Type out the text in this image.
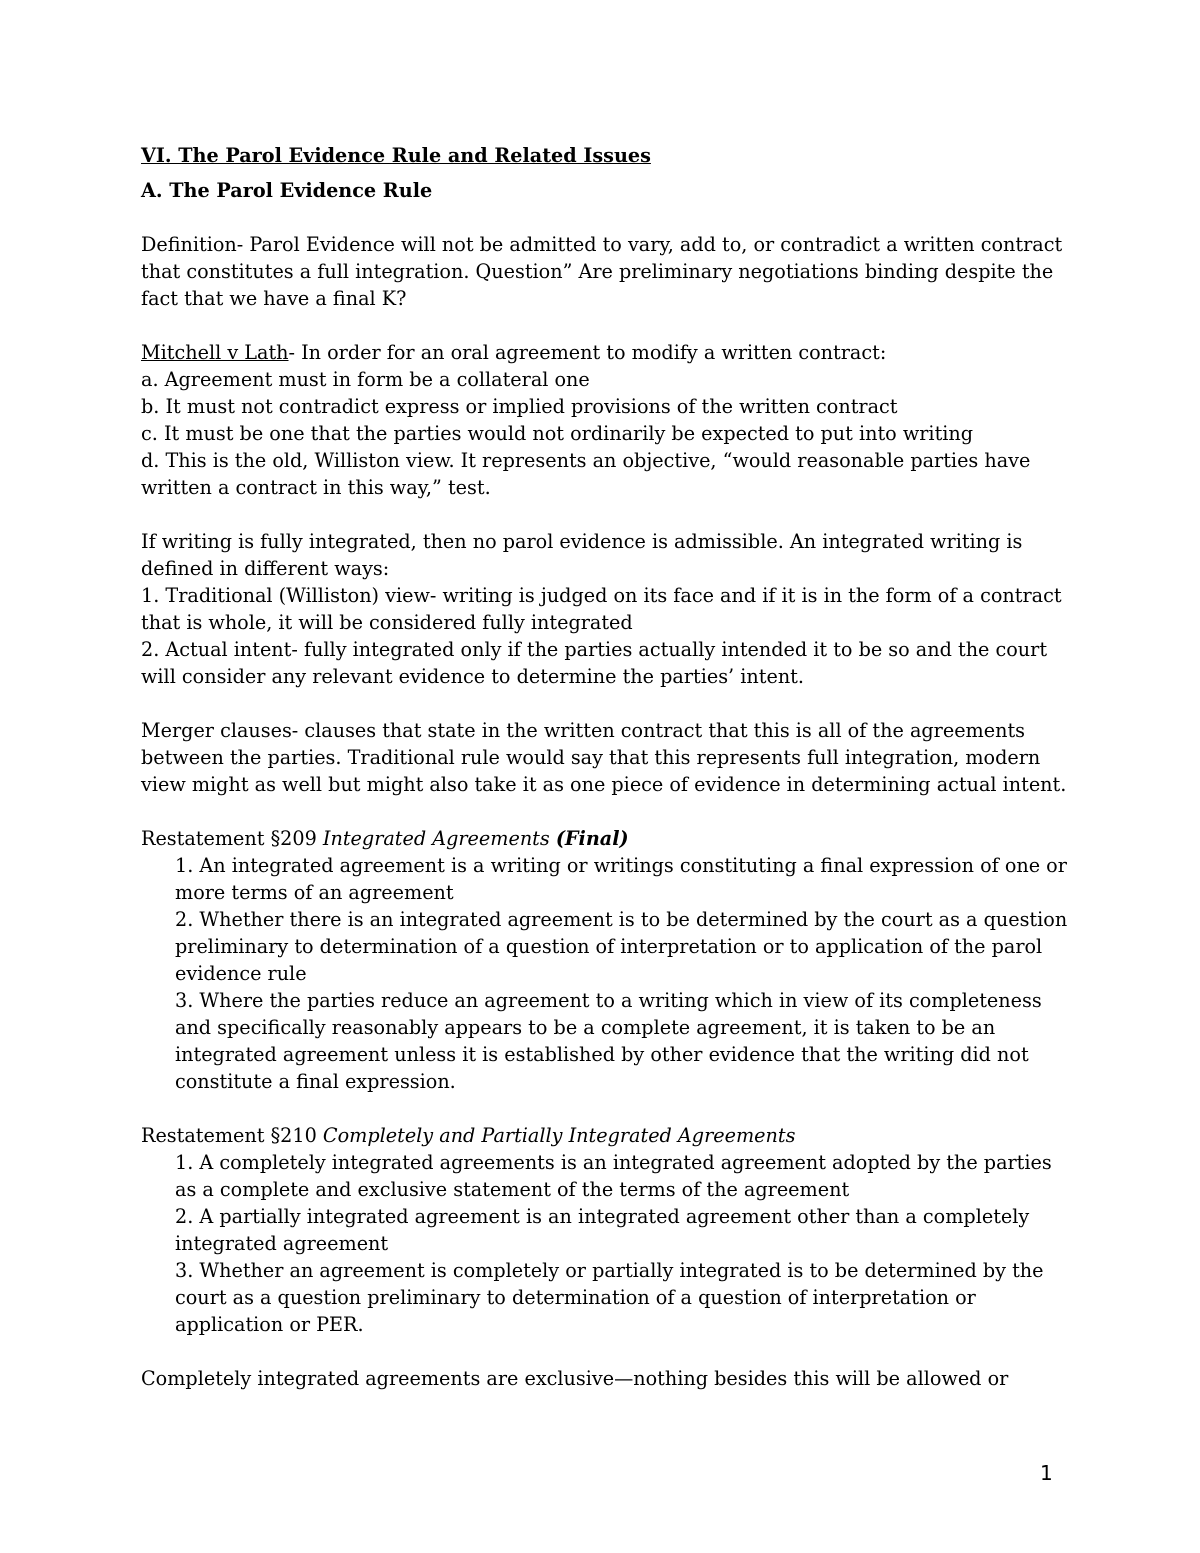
VI. The Parol Evidence Rule and Related Issues

A. The Parol Evidence Rule

Definition- Parol Evidence will not be admitted to vary, add to, or contradict a written contract that constitutes a full integration. Question” Are preliminary negotiations binding despite the fact that we have a final K?

Mitchell v Lath- In order for an oral agreement to modify a written contract:

a. Agreement must in form be a collateral one
b. It must not contradict express or implied provisions of the written contract
c. It must be one that the parties would not ordinarily be expected to put into writing
d. This is the old, Williston view. It represents an objective, “would reasonable parties have written a contract in this way,” test.

If writing is fully integrated, then no parol evidence is admissible. An integrated writing is defined in different ways:

1. Traditional (Williston) view- writing is judged on its face and if it is in the form of a contract that is whole, it will be considered fully integrated
2. Actual intent- fully integrated only if the parties actually intended it to be so and the court will consider any relevant evidence to determine the parties’ intent.

Merger clauses- clauses that state in the written contract that this is all of the agreements between the parties. Traditional rule would say that this represents full integration, modern view might as well but might also take it as one piece of evidence in determining actual intent.

Restatement §209 Integrated Agreements (Final)

1. An integrated agreement is a writing or writings constituting a final expression of one or more terms of an agreement
2. Whether there is an integrated agreement is to be determined by the court as a question preliminary to determination of a question of interpretation or to application of the parol evidence rule
3. Where the parties reduce an agreement to a writing which in view of its completeness and specifically reasonably appears to be a complete agreement, it is taken to be an integrated agreement unless it is established by other evidence that the writing did not constitute a final expression.

Restatement §210 Completely and Partially Integrated Agreements

1. A completely integrated agreements is an integrated agreement adopted by the parties as a complete and exclusive statement of the terms of the agreement
2. A partially integrated agreement is an integrated agreement other than a completely integrated agreement
3. Whether an agreement is completely or partially integrated is to be determined by the court as a question preliminary to determination of a question of interpretation or application or PER.

Completely integrated agreements are exclusive—nothing besides this will be allowed or

1
